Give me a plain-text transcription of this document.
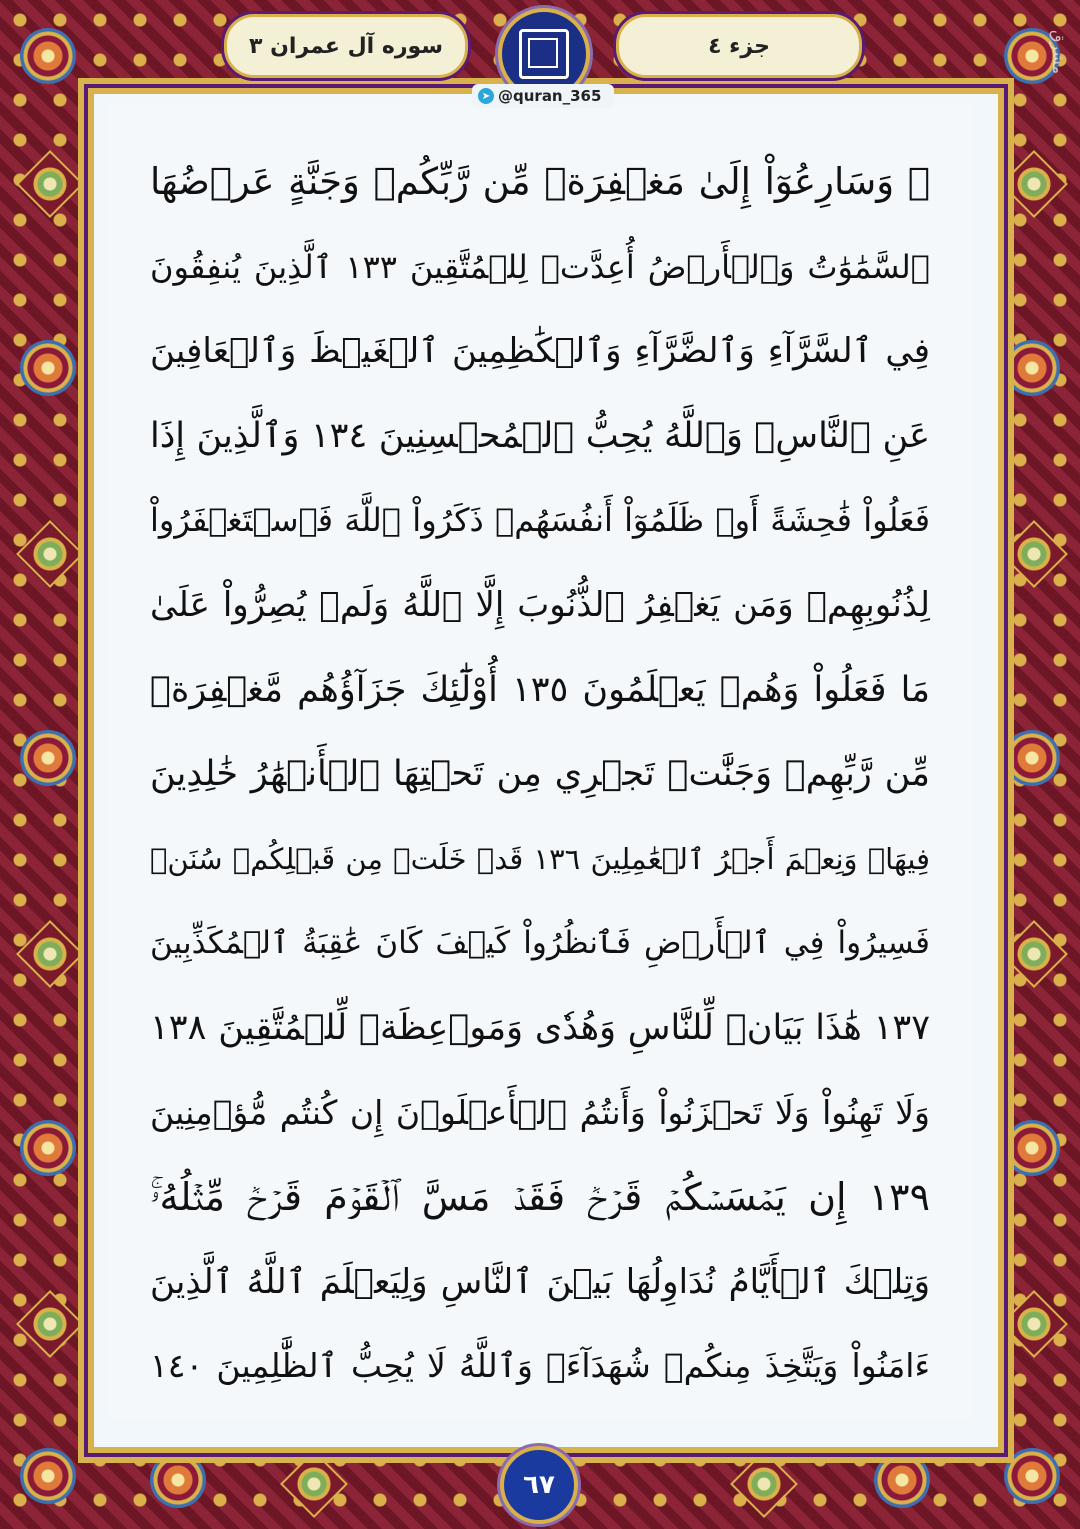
جزء ٤
سوره آل عمران ٣
➤ @quran_365
مشرق
۞ وَسَارِعُوٓاْ إِلَىٰ مَغۡفِرَةٖ مِّن رَّبِّكُمۡ وَجَنَّةٍ عَرۡضُهَا
ٱلسَّمَٰوَٰتُ وَٱلۡأَرۡضُ أُعِدَّتۡ لِلۡمُتَّقِينَ ١٣٣ ٱلَّذِينَ يُنفِقُونَ
فِي ٱلسَّرَّآءِ وَٱلضَّرَّآءِ وَٱلۡكَٰظِمِينَ ٱلۡغَيۡظَ وَٱلۡعَافِينَ
عَنِ ٱلنَّاسِۗ وَٱللَّهُ يُحِبُّ ٱلۡمُحۡسِنِينَ ١٣٤ وَٱلَّذِينَ إِذَا
فَعَلُواْ فَٰحِشَةً أَوۡ ظَلَمُوٓاْ أَنفُسَهُمۡ ذَكَرُواْ ٱللَّهَ فَٱسۡتَغۡفَرُواْ
لِذُنُوبِهِمۡ وَمَن يَغۡفِرُ ٱلذُّنُوبَ إِلَّا ٱللَّهُ وَلَمۡ يُصِرُّواْ عَلَىٰ
مَا فَعَلُواْ وَهُمۡ يَعۡلَمُونَ ١٣٥ أُوْلَٰٓئِكَ جَزَآؤُهُم مَّغۡفِرَةٞ
مِّن رَّبِّهِمۡ وَجَنَّٰتٞ تَجۡرِي مِن تَحۡتِهَا ٱلۡأَنۡهَٰرُ خَٰلِدِينَ
فِيهَاۚ وَنِعۡمَ أَجۡرُ ٱلۡعَٰمِلِينَ ١٣٦ قَدۡ خَلَتۡ مِن قَبۡلِكُمۡ سُنَنٞ
فَسِيرُواْ فِي ٱلۡأَرۡضِ فَٱنظُرُواْ كَيۡفَ كَانَ عَٰقِبَةُ ٱلۡمُكَذِّبِينَ
١٣٧ هَٰذَا بَيَانٞ لِّلنَّاسِ وَهُدٗى وَمَوۡعِظَةٞ لِّلۡمُتَّقِينَ ١٣٨
وَلَا تَهِنُواْ وَلَا تَحۡزَنُواْ وَأَنتُمُ ٱلۡأَعۡلَوۡنَ إِن كُنتُم مُّؤۡمِنِينَ
١٣٩ إِن يَمۡسَسۡكُمۡ قَرۡحٞ فَقَدۡ مَسَّ ٱلۡقَوۡمَ قَرۡحٞ مِّثۡلُهُۥۚ
وَتِلۡكَ ٱلۡأَيَّامُ نُدَاوِلُهَا بَيۡنَ ٱلنَّاسِ وَلِيَعۡلَمَ ٱللَّهُ ٱلَّذِينَ
ءَامَنُواْ وَيَتَّخِذَ مِنكُمۡ شُهَدَآءَۗ وَٱللَّهُ لَا يُحِبُّ ٱلظَّٰلِمِينَ ١٤٠
٦٧
